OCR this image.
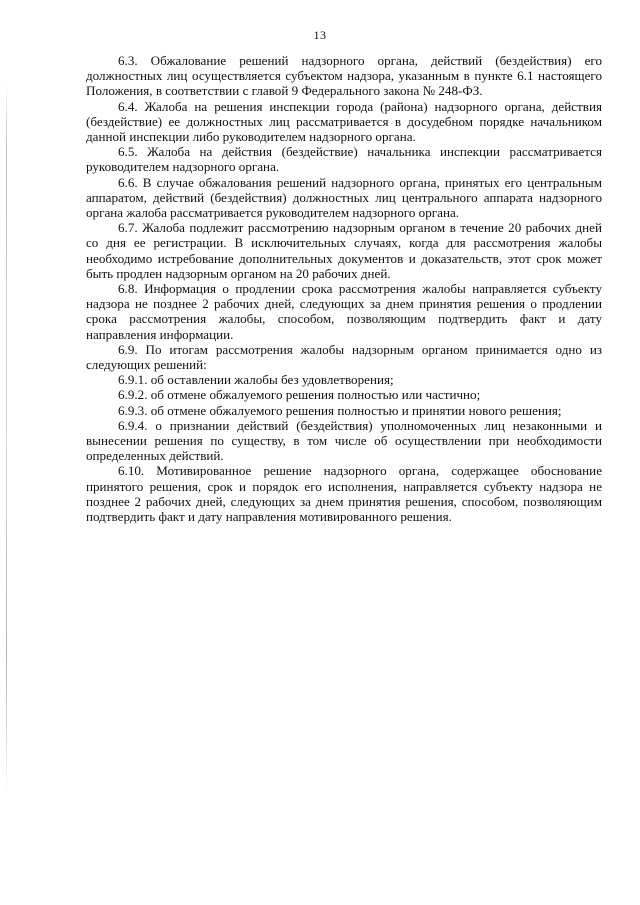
13

6.3. Обжалование решений надзорного органа, действий (бездействия) его должностных лиц осуществляется субъектом надзора, указанным в пункте 6.1 настоящего Положения, в соответствии с главой 9 Федерального закона № 248-ФЗ.

6.4. Жалоба на решения инспекции города (района) надзорного органа, действия (бездействие) ее должностных лиц рассматривается в досудебном порядке начальником данной инспекции либо руководителем надзорного органа.

6.5. Жалоба на действия (бездействие) начальника инспекции рассматривается руководителем надзорного органа.

6.6. В случае обжалования решений надзорного органа, принятых его центральным аппаратом, действий (бездействия) должностных лиц центрального аппарата надзорного органа жалоба рассматривается руководителем надзорного органа.

6.7. Жалоба подлежит рассмотрению надзорным органом в течение 20 рабочих дней со дня ее регистрации. В исключительных случаях, когда для рассмотрения жалобы необходимо истребование дополнительных документов и доказательств, этот срок может быть продлен надзорным органом на 20 рабочих дней.

6.8. Информация о продлении срока рассмотрения жалобы направляется субъекту надзора не позднее 2 рабочих дней, следующих за днем принятия решения о продлении срока рассмотрения жалобы, способом, позволяющим подтвердить факт и дату направления информации.

6.9. По итогам рассмотрения жалобы надзорным органом принимается одно из следующих решений:

6.9.1. об оставлении жалобы без удовлетворения;

6.9.2. об отмене обжалуемого решения полностью или частично;

6.9.3. об отмене обжалуемого решения полностью и принятии нового решения;

6.9.4. о признании действий (бездействия) уполномоченных лиц незаконными и вынесении решения по существу, в том числе об осуществлении при необходимости определенных действий.

6.10. Мотивированное решение надзорного органа, содержащее обоснование принятого решения, срок и порядок его исполнения, направляется субъекту надзора не позднее 2 рабочих дней, следующих за днем принятия решения, способом, позволяющим подтвердить факт и дату направления мотивированного решения.
